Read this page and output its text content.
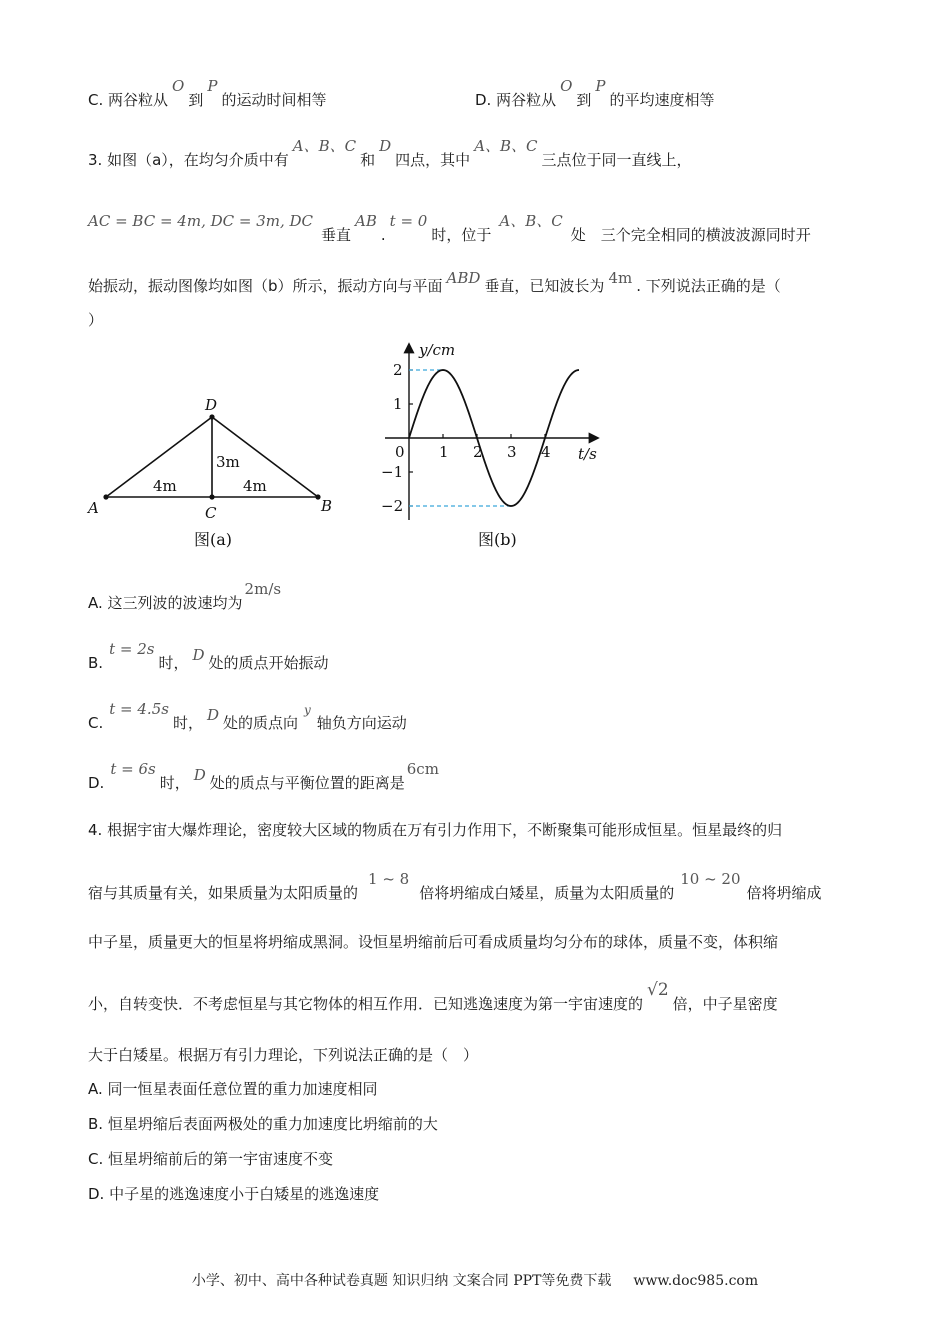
C. 两谷粒从O到P的运动时间相等	D. 两谷粒从O到P的平均速度相等
3. 如图（a），在均匀介质中有A、B、C和D四点，其中A、B、C三点位于同一直线上，
AC = BC = 4m, DC = 3m, DC垂直AB.t = 0时，位于A、B、C处　三个完全相同的横波波源同时开
始振动，振动图像均如图（b）所示，振动方向与平面 ABD 垂直，已知波长为 4m . 下列说法正确的是（
）
A	B
C
D
4m	4m
3m
图(a)
0 1 2 3 4
2
1
−1
−2
y/cm
t/s
图(b)
A. 这三列波的波速均为2m/s
B.t = 2s时， D 处的质点开始振动
C.t = 4.5s时， D 处的质点向$^y$轴负方向运动
D.t = 6s时， D 处的质点与平衡位置的距离是6cm
4. 根据宇宙大爆炸理论，密度较大区域的物质在万有引力作用下，不断聚集可能形成恒星。恒星最终的归
宿与其质量有关，如果质量为太阳质量的1 ~ 8倍将坍缩成白矮星，质量为太阳质量的10 ~ 20倍将坍缩成
中子星，质量更大的恒星将坍缩成黑洞。设恒星坍缩前后可看成质量均匀分布的球体，质量不变，体积缩
小，自转变快．不考虑恒星与其它物体的相互作用．已知逃逸速度为第一宇宙速度的√2倍，中子星密度
大于白矮星。根据万有引力理论，下列说法正确的是（　）
A. 同一恒星表面任意位置的重力加速度相同
B. 恒星坍缩后表面两极处的重力加速度比坍缩前的大
C. 恒星坍缩前后的第一宇宙速度不变
D. 中子星的逃逸速度小于白矮星的逃逸速度
小学、初中、高中各种试卷真题 知识归纳 文案合同 PPT等免费下载 www.doc985.com
